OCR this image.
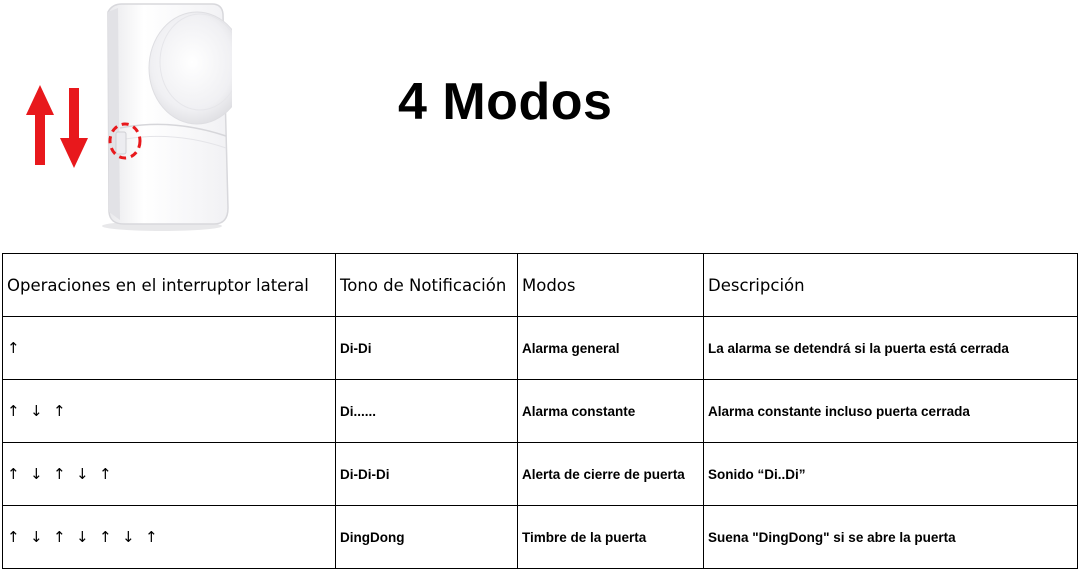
4 Modos
Operaciones en el interruptor lateral	Tono de Notificación	Modos	Descripción
↑	Di-Di	Alarma general	La alarma se detendrá si la puerta está cerrada
↑ ↓ ↑	Di......	Alarma constante	Alarma constante incluso puerta cerrada
↑ ↓ ↑ ↓ ↑	Di-Di-Di	Alerta de cierre de puerta	Sonido “Di..Di”
↑ ↓ ↑ ↓ ↑ ↓ ↑	DingDong	Timbre de la puerta	Suena "DingDong" si se abre la puerta
